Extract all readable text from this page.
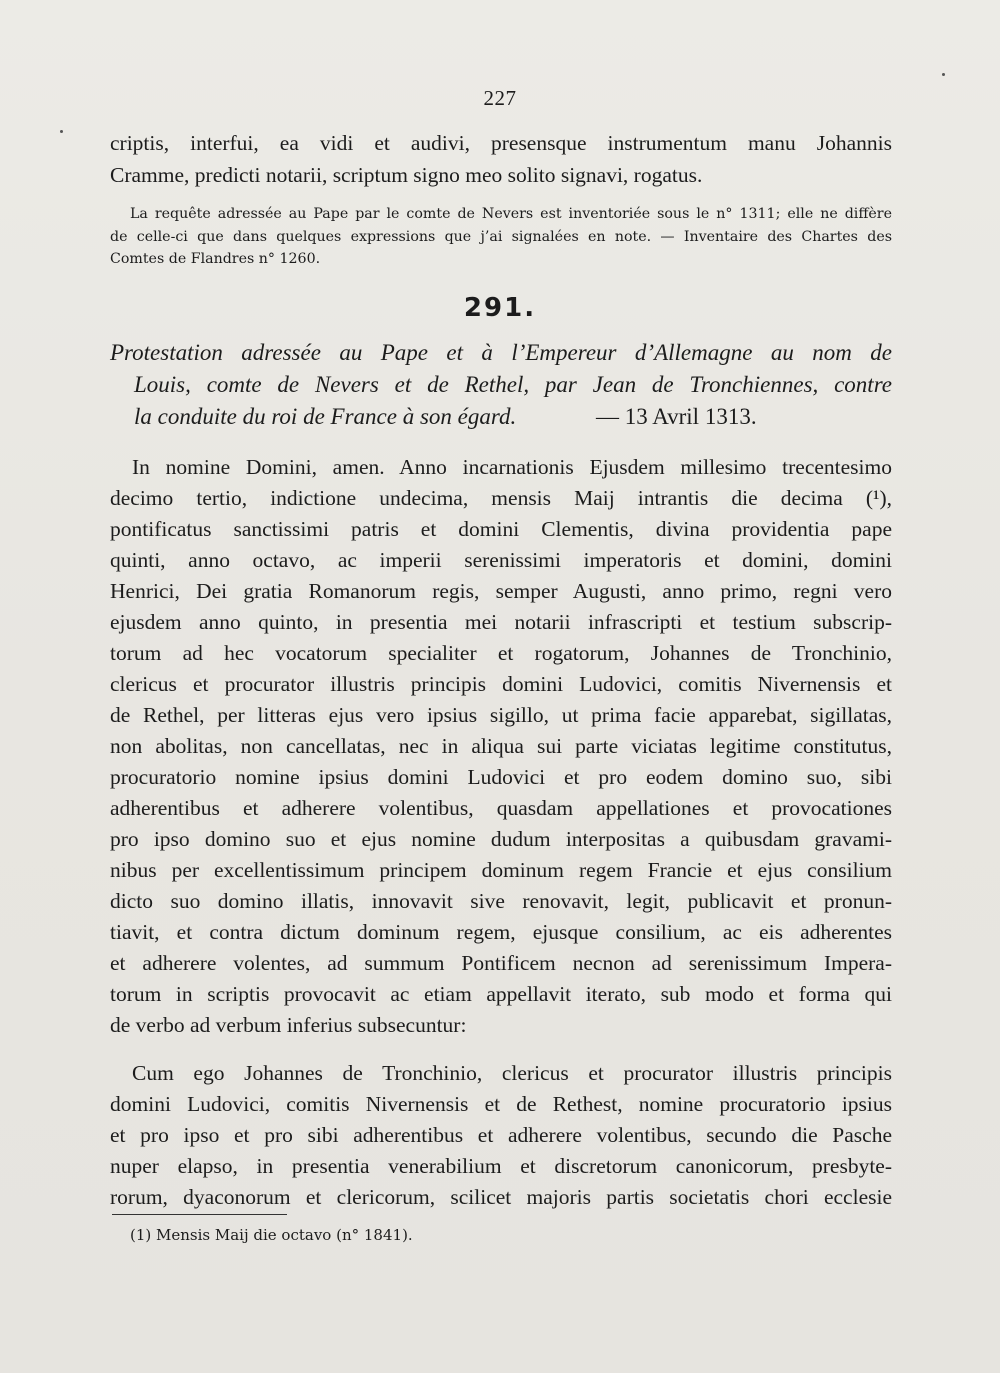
227
criptis, interfui, ea vidi et audivi, presensque instrumentum manu Johannis
Cramme, predicti notarii, scriptum signo meo solito signavi, rogatus.
La requête adressée au Pape par le comte de Nevers est inventoriée sous le n° 1311; elle ne diffère
de celle-ci que dans quelques expressions que j’ai signalées en note. — Inventaire des Chartes des
Comtes de Flandres n° 1260.
291.
Protestation adressée au Pape et à l’Empereur d’Allemagne au nom de
Louis, comte de Nevers et de Rethel, par Jean de Tronchiennes, contre
la conduite du roi de France à son égard.	— 13 Avril 1313.
In nomine Domini, amen. Anno incarnationis Ejusdem millesimo trecentesimo
decimo tertio, indictione undecima, mensis Maij intrantis die decima (¹),
pontificatus sanctissimi patris et domini Clementis, divina providentia pape
quinti, anno octavo, ac imperii serenissimi imperatoris et domini, domini
Henrici, Dei gratia Romanorum regis, semper Augusti, anno primo, regni vero
ejusdem anno quinto, in presentia mei notarii infrascripti et testium subscrip-
torum ad hec vocatorum specialiter et rogatorum, Johannes de Tronchinio,
clericus et procurator illustris principis domini Ludovici, comitis Nivernensis et
de Rethel, per litteras ejus vero ipsius sigillo, ut prima facie apparebat, sigillatas,
non abolitas, non cancellatas, nec in aliqua sui parte viciatas legitime constitutus,
procuratorio nomine ipsius domini Ludovici et pro eodem domino suo, sibi
adherentibus et adherere volentibus, quasdam appellationes et provocationes
pro ipso domino suo et ejus nomine dudum interpositas a quibusdam gravami-
nibus per excellentissimum principem dominum regem Francie et ejus consilium
dicto suo domino illatis, innovavit sive renovavit, legit, publicavit et pronun-
tiavit, et contra dictum dominum regem, ejusque consilium, ac eis adherentes
et adherere volentes, ad summum Pontificem necnon ad serenissimum Impera-
torum in scriptis provocavit ac etiam appellavit iterato, sub modo et forma qui
de verbo ad verbum inferius subsecuntur:
Cum ego Johannes de Tronchinio, clericus et procurator illustris principis
domini Ludovici, comitis Nivernensis et de Rethest, nomine procuratorio ipsius
et pro ipso et pro sibi adherentibus et adherere volentibus, secundo die Pasche
nuper elapso, in presentia venerabilium et discretorum canonicorum, presbyte-
rorum, dyaconorum et clericorum, scilicet majoris partis societatis chori ecclesie
(1) Mensis Maij die octavo (n° 1841).
